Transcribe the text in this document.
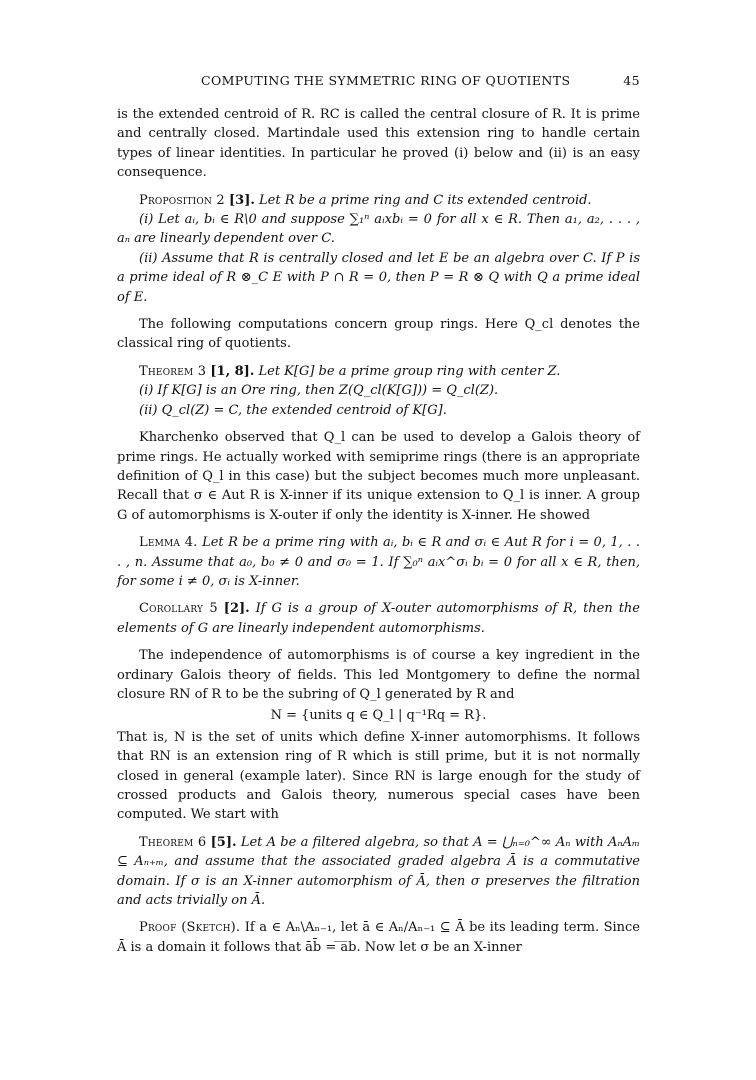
COMPUTING THE SYMMETRIC RING OF QUOTIENTS	45

is the extended centroid of R. RC is called the central closure of R. It is prime and centrally closed. Martindale used this extension ring to handle certain types of linear identities. In particular he proved (i) below and (ii) is an easy consequence.

Proposition 2 [3]. Let R be a prime ring and C its extended centroid.

(i) Let aᵢ, bᵢ ∈ R\0 and suppose ∑₁ⁿ aᵢxbᵢ = 0 for all x ∈ R. Then a₁, a₂, . . . , aₙ are linearly dependent over C.

(ii) Assume that R is centrally closed and let E be an algebra over C. If P is a prime ideal of R ⊗_C E with P ∩ R = 0, then P = R ⊗ Q with Q a prime ideal of E.

The following computations concern group rings. Here Q_cl denotes the classical ring of quotients.

Theorem 3 [1, 8]. Let K[G] be a prime group ring with center Z.

(i) If K[G] is an Ore ring, then Z(Q_cl(K[G])) = Q_cl(Z).

(ii) Q_cl(Z) = C, the extended centroid of K[G].

Kharchenko observed that Q_l can be used to develop a Galois theory of prime rings. He actually worked with semiprime rings (there is an appropriate definition of Q_l in this case) but the subject becomes much more unpleasant. Recall that σ ∈ Aut R is X-inner if its unique extension to Q_l is inner. A group G of automorphisms is X-outer if only the identity is X-inner. He showed

Lemma 4. Let R be a prime ring with aᵢ, bᵢ ∈ R and σᵢ ∈ Aut R for i = 0, 1, . . . , n. Assume that a₀, b₀ ≠ 0 and σ₀ = 1. If ∑₀ⁿ aᵢx^σᵢ bᵢ = 0 for all x ∈ R, then, for some i ≠ 0, σᵢ is X-inner.
Corollary 5 [2]. If G is a group of X-outer automorphisms of R, then the elements of G are linearly independent automorphisms.

The independence of automorphisms is of course a key ingredient in the ordinary Galois theory of fields. This led Montgomery to define the normal closure RN of R to be the subring of Q_l generated by R and

N = {units q ∈ Q_l | q⁻¹Rq = R}.

That is, N is the set of units which define X-inner automorphisms. It follows that RN is an extension ring of R which is still prime, but it is not normally closed in general (example later). Since RN is large enough for the study of crossed products and Galois theory, numerous special cases have been computed. We start with

Theorem 6 [5]. Let A be a filtered algebra, so that A = ⋃ₙ₌₀^∞ Aₙ with AₙAₘ ⊆ Aₙ₊ₘ, and assume that the associated graded algebra Ā is a commutative domain. If σ is an X-inner automorphism of Ā, then σ preserves the filtration and acts trivially on Ā.
Proof (Sketch). If a ∈ Aₙ\Aₙ₋₁, let ā ∈ Aₙ/Aₙ₋₁ ⊆ Ā be its leading term. Since Ā is a domain it follows that āb̄ = ̅a̅b. Now let σ be an X-inner
